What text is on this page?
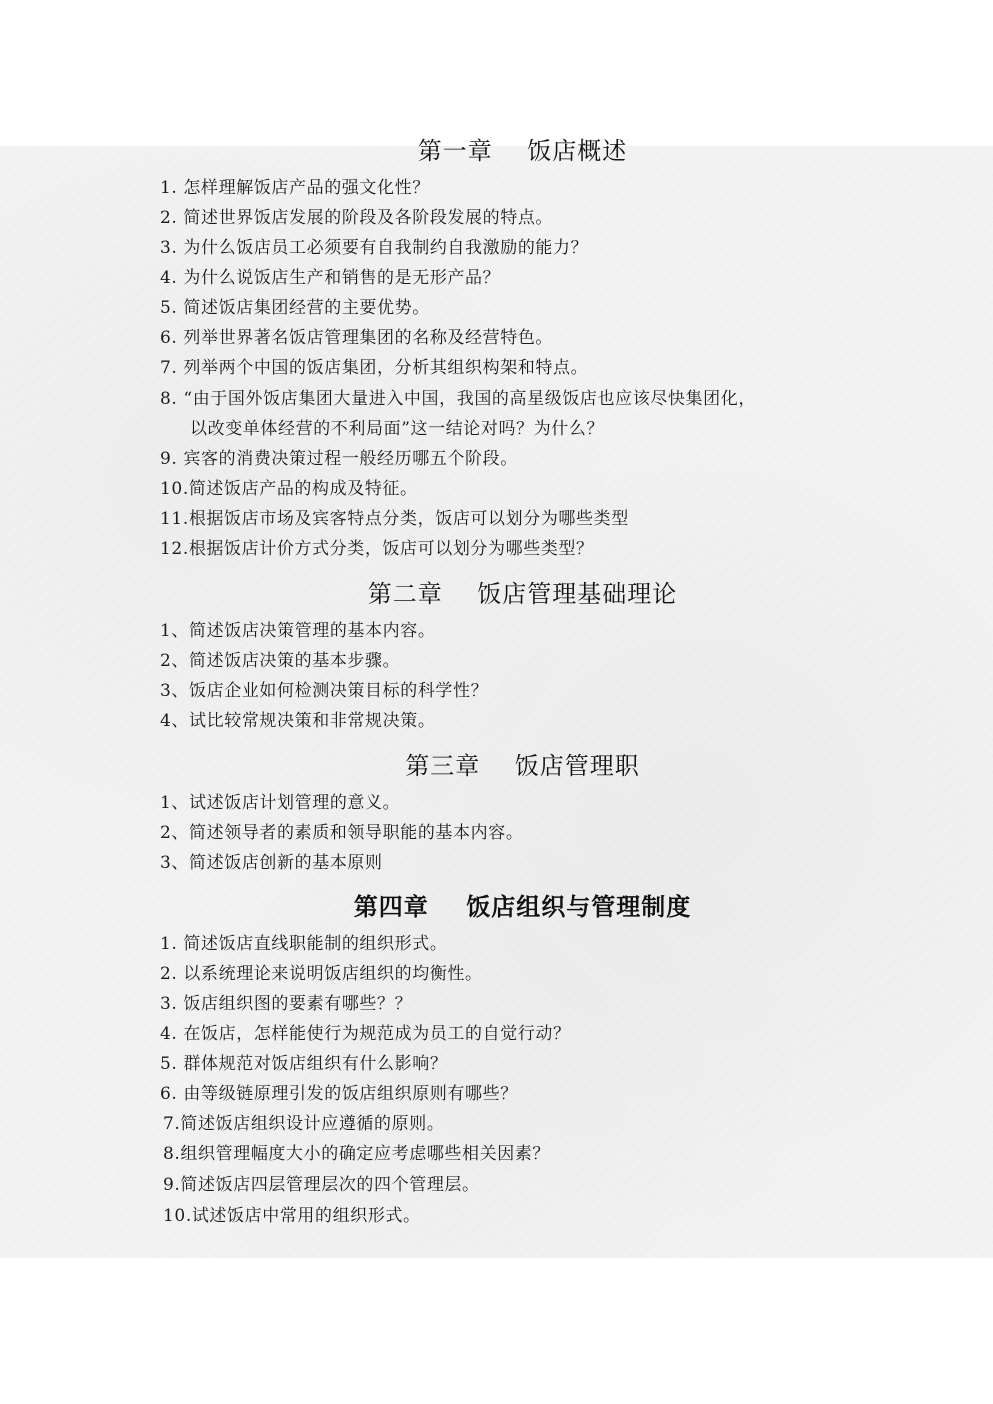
第一章    饭店概述
1. 怎样理解饭店产品的强文化性？
2. 简述世界饭店发展的阶段及各阶段发展的特点。
3. 为什么饭店员工必须要有自我制约自我激励的能力？
4. 为什么说饭店生产和销售的是无形产品？
5. 简述饭店集团经营的主要优势。
6. 列举世界著名饭店管理集团的名称及经营特色。
7. 列举两个中国的饭店集团，分析其组织构架和特点。
8. “由于国外饭店集团大量进入中国，我国的高星级饭店也应该尽快集团化，
以改变单体经营的不利局面”这一结论对吗？为什么？
9. 宾客的消费决策过程一般经历哪五个阶段。
10.简述饭店产品的构成及特征。
11.根据饭店市场及宾客特点分类，饭店可以划分为哪些类型
12.根据饭店计价方式分类，饭店可以划分为哪些类型？
第二章    饭店管理基础理论
1、简述饭店决策管理的基本内容。
2、简述饭店决策的基本步骤。
3、饭店企业如何检测决策目标的科学性？
4、试比较常规决策和非常规决策。
第三章    饭店管理职
1、试述饭店计划管理的意义。
2、简述领导者的素质和领导职能的基本内容。
3、简述饭店创新的基本原则
第四章    饭店组织与管理制度
1. 简述饭店直线职能制的组织形式。
2. 以系统理论来说明饭店组织的均衡性。
3. 饭店组织图的要素有哪些？？
4. 在饭店，怎样能使行为规范成为员工的自觉行动？
5. 群体规范对饭店组织有什么影响？
6. 由等级链原理引发的饭店组织原则有哪些？
7.简述饭店组织设计应遵循的原则。
8.组织管理幅度大小的确定应考虑哪些相关因素？
9.简述饭店四层管理层次的四个管理层。
10.试述饭店中常用的组织形式。
